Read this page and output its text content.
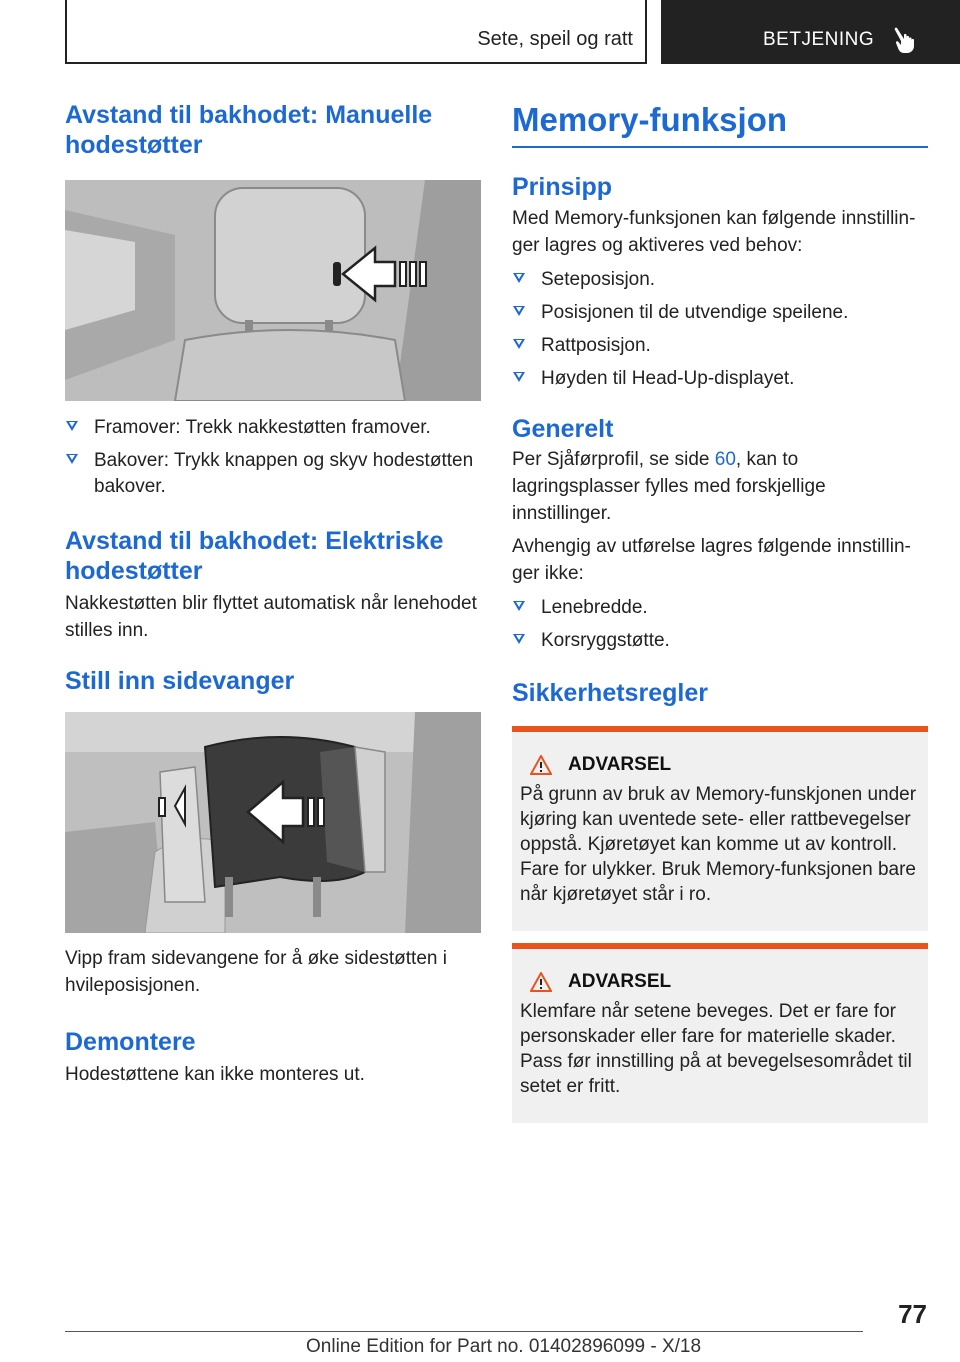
Sete, speil og ratt	BETJENING
Avstand til bakhodet: Manuelle hodestøtter
Framover: Trekk nakkestøtten framover.
Bakover: Trykk knappen og skyv hodestøtten bakover.
Avstand til bakhodet: Elektriske hodestøtter

Nakkestøtten blir flyttet automatisk når lenehodet stilles inn.

Still inn sidevanger

Vipp fram sidevangene for å øke sidestøtten i hvileposisjonen.

Demontere

Hodestøttene kan ikke monteres ut.

Memory-funksjon
Prinsipp

Med Memory-funksjonen kan følgende innstillin-ger lagres og aktiveres ved behov:

Seteposisjon.
Posisjonen til de utvendige speilene.
Rattposisjon.
Høyden til Head-Up-displayet.
Generelt

Per Sjåførprofil, se side 60, kan to lagringsplasser fylles med forskjellige innstillinger.

Avhengig av utførelse lagres følgende innstillin-ger ikke:

Lenebredde.
Korsryggstøtte.
Sikkerhetsregler
ADVARSEL

På grunn av bruk av Memory-funskjonen under kjøring kan uventede sete- eller rattbevegelser oppstå. Kjøretøyet kan komme ut av kontroll. Fare for ulykker. Bruk Memory-funksjonen bare når kjøretøyet står i ro.

ADVARSEL

Klemfare når setene beveges. Det er fare for personskader eller fare for materielle skader. Pass før innstilling på at bevegelsesområdet til setet er fritt.

77
Online Edition for Part no. 01402896099 - X/18
